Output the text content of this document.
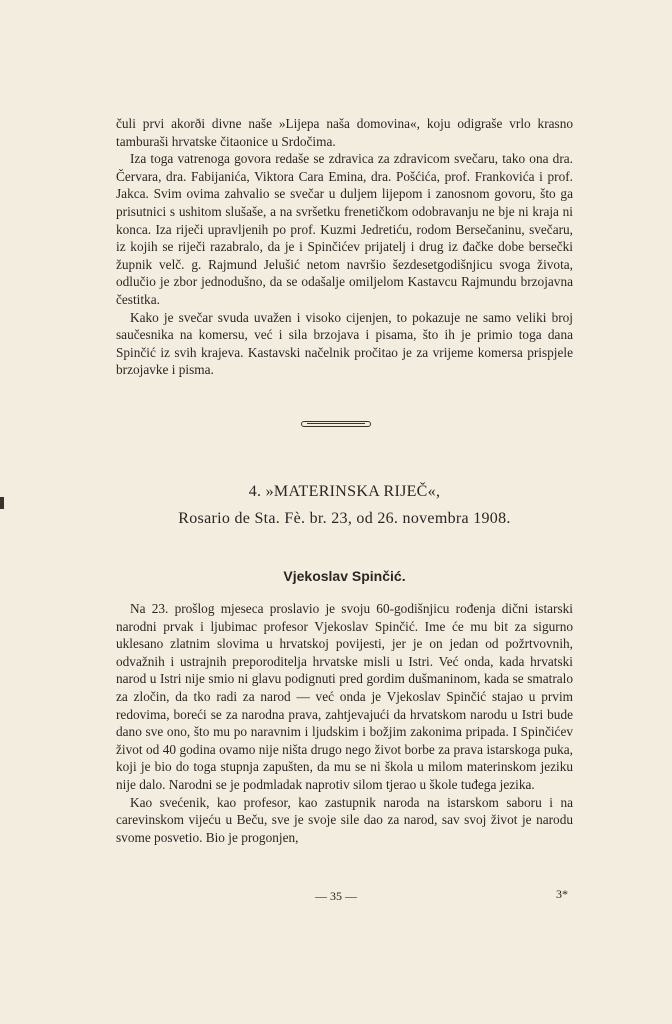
čuli prvi akorði divne naše »Lijepa naša domovina«, koju odigraše vrlo krasno tamburaši hrvatske čitaonice u Srdočima.

Iza toga vatrenoga govora redaše se zdravica za zdravicom svečaru, tako ona dra. Červara, dra. Fabijanića, Viktora Cara Emina, dra. Pošćića, prof. Frankovića i prof. Jakca. Svim ovima zahvalio se svečar u duljem lijepom i zanosnom govoru, što ga prisutnici s ushitom slušaše, a na svršetku frenetičkom odobravanju ne bje ni kraja ni konca. Iza riječi upravljenih po prof. Kuzmi Jedretiću, rodom Bersečaninu, svečaru, iz kojih se riječi razabralo, da je i Spinčićev prijatelj i drug iz đačke dobe bersečki župnik velč. g. Rajmund Jelušić netom navršio šezdesetgodišnjicu svoga života, odlučio je zbor jednodušno, da se odašalje omiljelom Kastavcu Rajmundu brzojavna čestitka.

Kako je svečar svuda uvažen i visoko cijenjen, to pokazuje ne samo veliki broj saučesnika na komersu, već i sila brzojava i pisama, što ih je primio toga dana Spinčić iz svih krajeva. Kastavski načelnik pročitao je za vrijeme komersa prispjele brzojavke i pisma.

4. »MATERINSKA RIJEČ«,
Rosario de Sta. Fè. br. 23, od 26. novembra 1908.
Vjekoslav Spinčić.

Na 23. prošlog mjeseca proslavio je svoju 60-godišnjicu rođenja dični istarski narodni prvak i ljubimac profesor Vjekoslav Spinčić. Ime će mu bit za sigurno uklesano zlatnim slovima u hrvatskoj povijesti, jer je on jedan od požrtvovnih, odvažnih i ustrajnih preporoditelja hrvatske misli u Istri. Već onda, kada hrvatski narod u Istri nije smio ni glavu podignuti pred gordim dušmaninom, kada se smatralo za zločin, da tko radi za narod — već onda je Vjekoslav Spinčić stajao u prvim redovima, boreći se za narodna prava, zahtjevajući da hrvatskom narodu u Istri bude dano sve ono, što mu po naravnim i ljudskim i božjim zakonima pripada. I Spinčićev život od 40 godina ovamo nije ništa drugo nego život borbe za prava istarskoga puka, koji je bio do toga stupnja zapušten, da mu se ni škola u milom materinskom jeziku nije dalo. Narodni se je podmladak naprotiv silom tjerao u škole tuđega jezika.

Kao svećenik, kao profesor, kao zastupnik naroda na istarskom saboru i na carevinskom vijeću u Beču, sve je svoje sile dao za narod, sav svoj život je narodu svome posvetio. Bio je progonjen,

— 35 —	3*
